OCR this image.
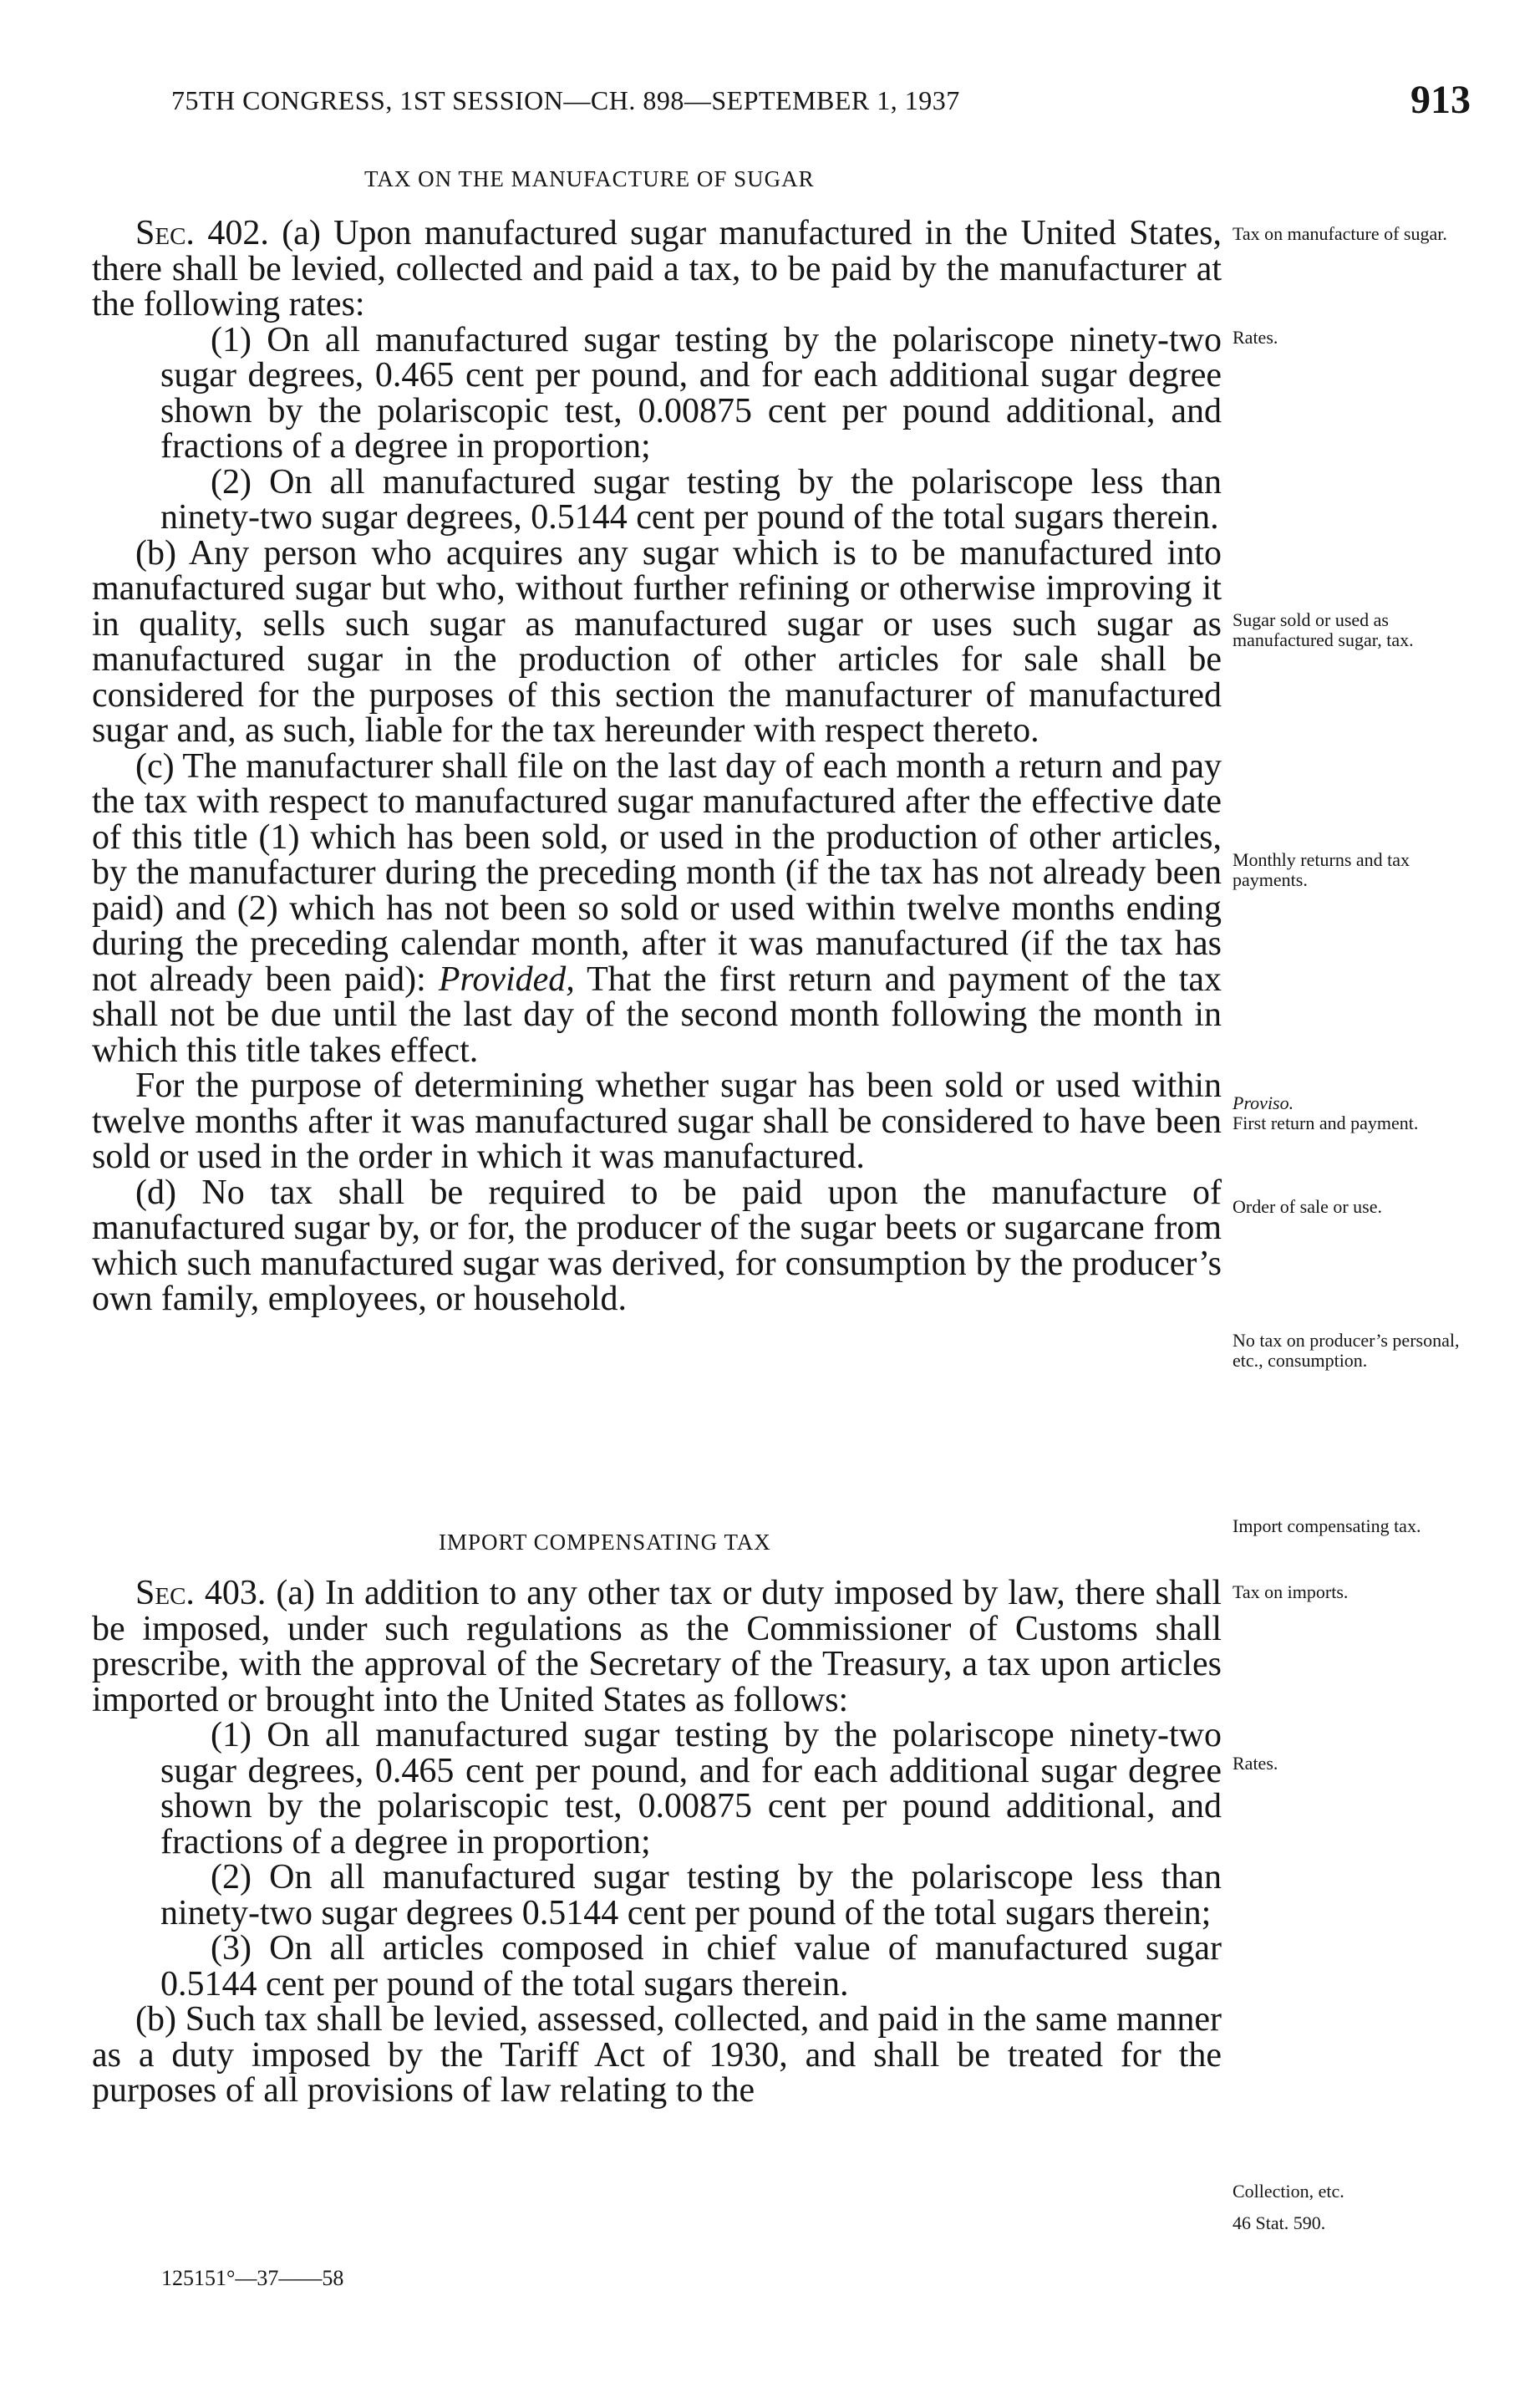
75TH CONGRESS, 1ST SESSION—CH. 898—SEPTEMBER 1, 1937	913
TAX ON THE MANUFACTURE OF SUGAR

Sec. 402. (a) Upon manufactured sugar manufactured in the United States, there shall be levied, collected and paid a tax, to be paid by the manufacturer at the following rates:

(1) On all manufactured sugar testing by the polariscope ninety-two sugar degrees, 0.465 cent per pound, and for each additional sugar degree shown by the polariscopic test, 0.00875 cent per pound additional, and fractions of a degree in proportion;

(2) On all manufactured sugar testing by the polariscope less than ninety-two sugar degrees, 0.5144 cent per pound of the total sugars therein.

(b) Any person who acquires any sugar which is to be manufactured into manufactured sugar but who, without further refining or otherwise improving it in quality, sells such sugar as manufactured sugar or uses such sugar as manufactured sugar in the production of other articles for sale shall be considered for the purposes of this section the manufacturer of manufactured sugar and, as such, liable for the tax hereunder with respect thereto.

(c) The manufacturer shall file on the last day of each month a return and pay the tax with respect to manufactured sugar manufactured after the effective date of this title (1) which has been sold, or used in the production of other articles, by the manufacturer during the preceding month (if the tax has not already been paid) and (2) which has not been so sold or used within twelve months ending during the preceding calendar month, after it was manufactured (if the tax has not already been paid): Provided, That the first return and payment of the tax shall not be due until the last day of the second month following the month in which this title takes effect.

For the purpose of determining whether sugar has been sold or used within twelve months after it was manufactured sugar shall be considered to have been sold or used in the order in which it was manufactured.

(d) No tax shall be required to be paid upon the manufacture of manufactured sugar by, or for, the producer of the sugar beets or sugarcane from which such manufactured sugar was derived, for consumption by the producer’s own family, employees, or household.

IMPORT COMPENSATING TAX

Sec. 403. (a) In addition to any other tax or duty imposed by law, there shall be imposed, under such regulations as the Commissioner of Customs shall prescribe, with the approval of the Secretary of the Treasury, a tax upon articles imported or brought into the United States as follows:

(1) On all manufactured sugar testing by the polariscope ninety-two sugar degrees, 0.465 cent per pound, and for each additional sugar degree shown by the polariscopic test, 0.00875 cent per pound additional, and fractions of a degree in proportion;

(2) On all manufactured sugar testing by the polariscope less than ninety-two sugar degrees 0.5144 cent per pound of the total sugars therein;

(3) On all articles composed in chief value of manufactured sugar 0.5144 cent per pound of the total sugars therein.

(b) Such tax shall be levied, assessed, collected, and paid in the same manner as a duty imposed by the Tariff Act of 1930, and shall be treated for the purposes of all provisions of law relating to the

Tax on manufacture of sugar.
Rates.
Sugar sold or used as manufactured sugar, tax.
Monthly returns and tax payments.
Proviso.
First return and payment.
Order of sale or use.
No tax on producer’s personal, etc., consumption.
Import compensating tax.
Tax on imports.
Rates.
Collection, etc.
46 Stat. 590.
125151°—37——58
